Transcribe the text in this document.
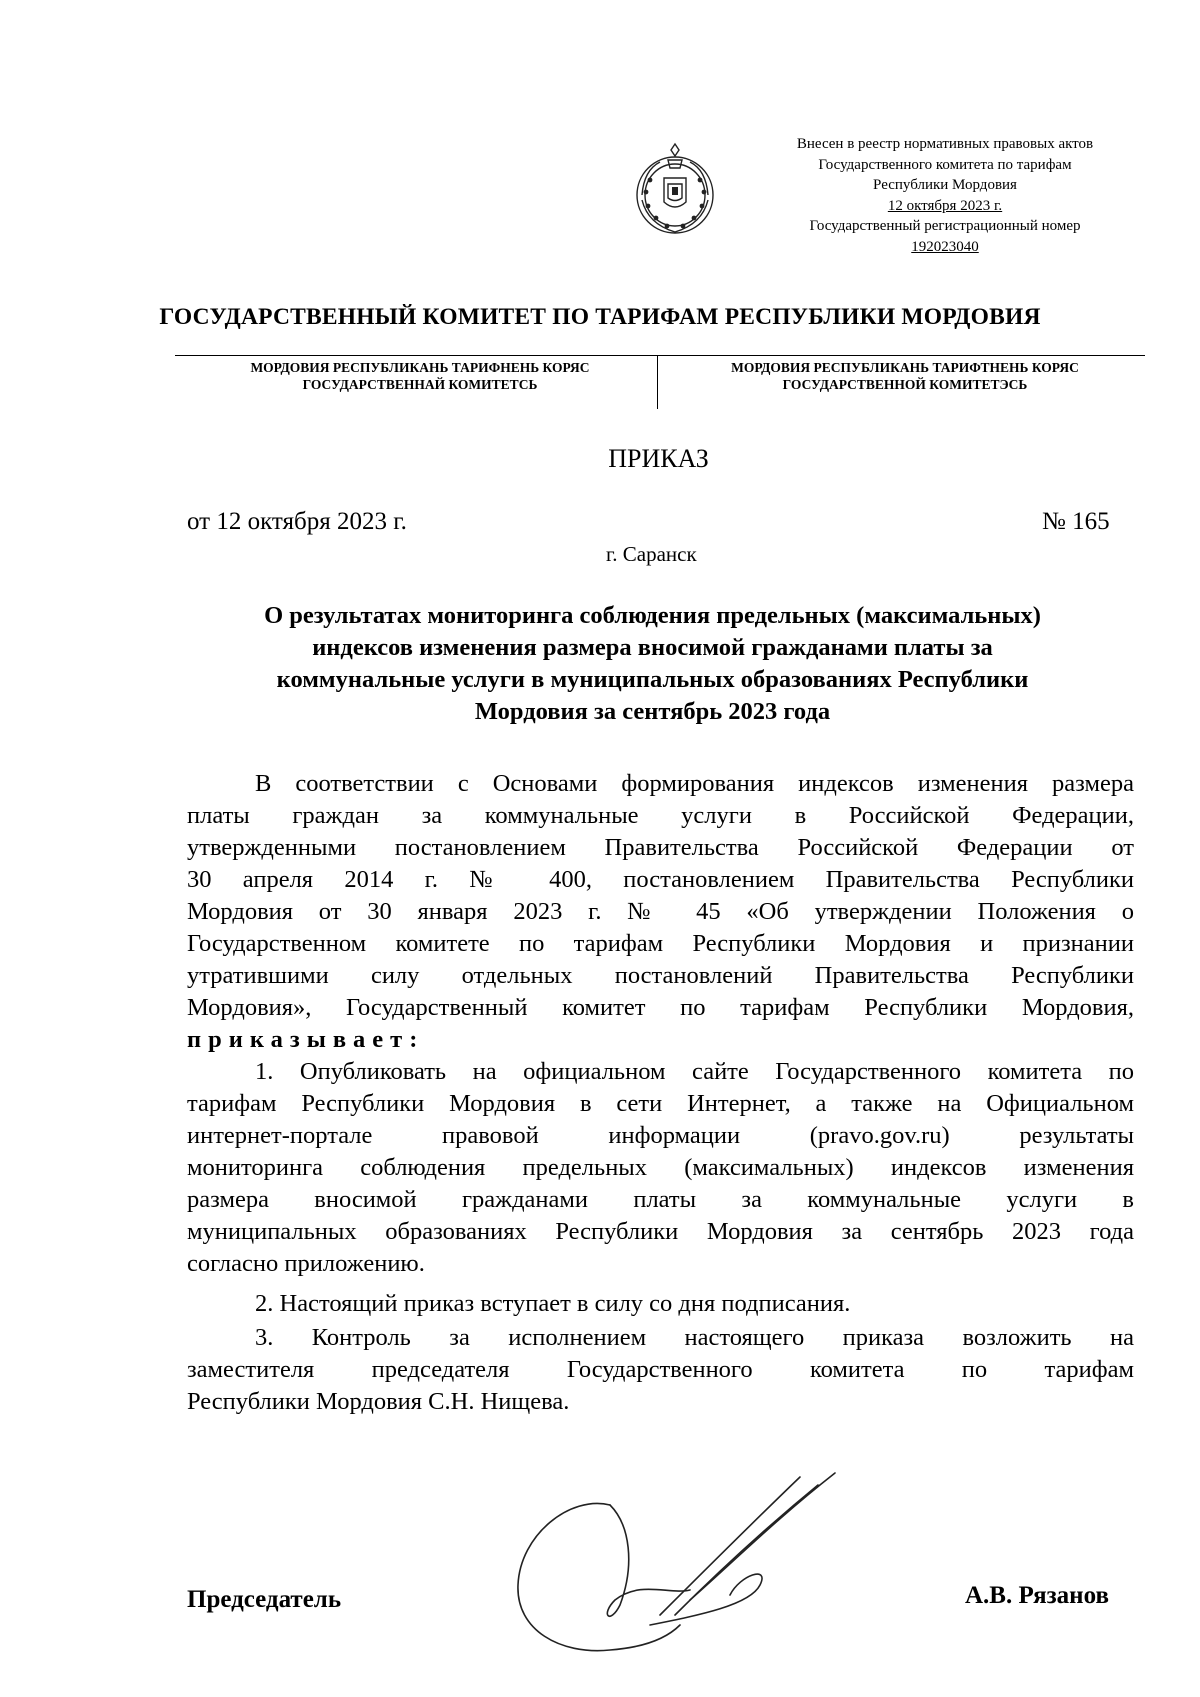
Внесен в реестр нормативных правовых актов
Государственного комитета по тарифам
Республики Мордовия
12 октября 2023 г.
Государственный регистрационный номер
192023040
ГОСУДАРСТВЕННЫЙ КОМИТЕТ ПО ТАРИФАМ РЕСПУБЛИКИ МОРДОВИЯ
МОРДОВИЯ РЕСПУБЛИКАНЬ ТАРИФНЕНЬ КОРЯС
ГОСУДАРСТВЕННАЙ КОМИТЕТСЬ
МОРДОВИЯ РЕСПУБЛИКАНЬ ТАРИФТНЕНЬ КОРЯС
ГОСУДАРСТВЕННОЙ КОМИТЕТЭСЬ
ПРИКАЗ
от 12 октября 2023 г.	№ 165
г. Саранск
О результатах мониторинга соблюдения предельных (максимальных)
индексов изменения размера вносимой гражданами платы за
коммунальные услуги в муниципальных образованиях Республики
Мордовия за сентябрь 2023 года
В соответствии с Основами формирования индексов изменения размера
платы граждан за коммунальные услуги в Российской Федерации,
утвержденными постановлением Правительства Российской Федерации от
30 апреля 2014 г. № 400, постановлением Правительства Республики
Мордовия от 30 января 2023 г. № 45 «Об утверждении Положения о
Государственном комитете по тарифам Республики Мордовия и признании
утратившими силу отдельных постановлений Правительства Республики
Мордовия», Государственный комитет по тарифам Республики Мордовия,
приказывает:
1. Опубликовать на официальном сайте Государственного комитета по
тарифам Республики Мордовия в сети Интернет, а также на Официальном
интернет-портале правовой информации (pravo.gov.ru) результаты
мониторинга соблюдения предельных (максимальных) индексов изменения
размера вносимой гражданами платы за коммунальные услуги в
муниципальных образованиях Республики Мордовия за сентябрь 2023 года
согласно приложению.
2. Настоящий приказ вступает в силу со дня подписания.
3. Контроль за исполнением настоящего приказа возложить на
заместителя председателя Государственного комитета по тарифам
Республики Мордовия С.Н. Нищева.
Председатель	А.В. Рязанов
